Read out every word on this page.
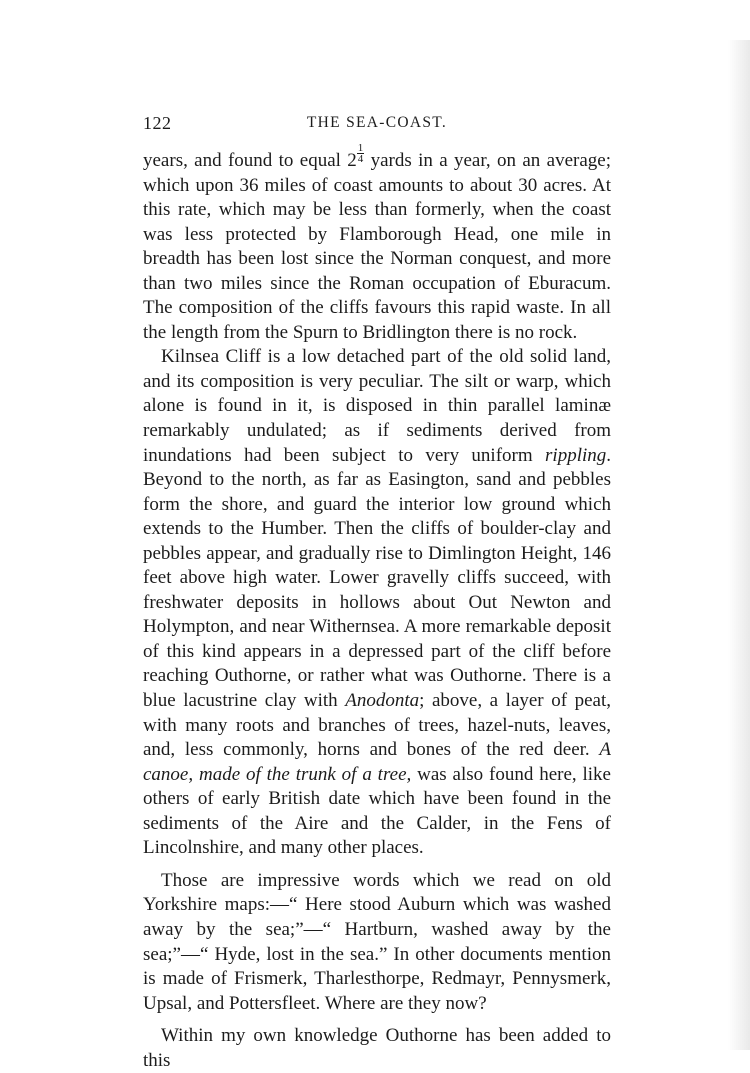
122	THE SEA-COAST.

years, and found to equal $2 \frac{1}{4}$ yards in a year, on an average; which upon 36 miles of coast amounts to about 30 acres. At this rate, which may be less than formerly, when the coast was less protected by Flamborough Head, one mile in breadth has been lost since the Norman conquest, and more than two miles since the Roman occupation of Eburacum. The composition of the cliffs favours this rapid waste. In all the length from the Spurn to Bridlington there is no rock.

Kilnsea Cliff is a low detached part of the old solid land, and its composition is very peculiar. The silt or warp, which alone is found in it, is disposed in thin parallel laminæ remarkably undulated; as if sediments derived from inundations had been subject to very uniform rippling. Beyond to the north, as far as Easington, sand and pebbles form the shore, and guard the interior low ground which extends to the Humber. Then the cliffs of boulder-clay and pebbles appear, and gradually rise to Dimlington Height, 146 feet above high water. Lower gravelly cliffs succeed, with freshwater deposits in hollows about Out Newton and Holympton, and near Withernsea. A more remarkable deposit of this kind appears in a depressed part of the cliff before reaching Outhorne, or rather what was Outhorne. There is a blue lacustrine clay with Anodonta; above, a layer of peat, with many roots and branches of trees, hazel-nuts, leaves, and, less commonly, horns and bones of the red deer. A canoe, made of the trunk of a tree, was also found here, like others of early British date which have been found in the sediments of the Aire and the Calder, in the Fens of Lincolnshire, and many other places.

Those are impressive words which we read on old Yorkshire maps:—“ Here stood Auburn which was washed away by the sea;”—“ Hartburn, washed away by the sea;”—“ Hyde, lost in the sea.” In other documents mention is made of Frismerk, Tharlesthorpe, Redmayr, Pennysmerk, Upsal, and Pottersfleet. Where are they now?

Within my own knowledge Outhorne has been added to this
